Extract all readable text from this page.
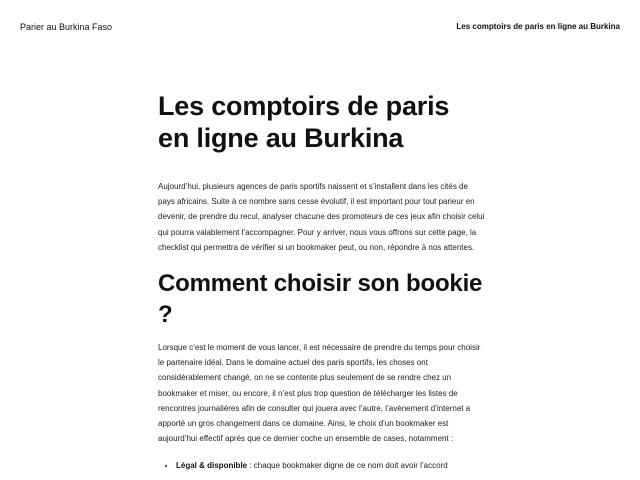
Parier au Burkina Faso	Les comptoirs de paris en ligne au Burkina
Les comptoirs de paris en ligne au Burkina

Aujourd’hui, plusieurs agences de paris sportifs naissent et s’installent dans les cités de pays africains. Suite à ce nombre sans cesse évolutif, il est important pour tout parieur en devenir, de prendre du recul, analyser chacune des promoteurs de ces jeux afin choisir celui qui pourra valablement l’accompagner. Pour y arriver, nous vous offrons sur cette page, la checklist qui permettra de vérifier si un bookmaker peut, ou non, répondre à nos attentes.

Comment choisir son bookie ?

Lorsque c’est le moment de vous lancer, il est nécessaire de prendre du temps pour choisir le partenaire idéal. Dans le domaine actuel des paris sportifs, les choses ont considérablement changé, on ne se contente plus seulement de se rendre chez un bookmaker et miser, ou encore, il n’est plus trop question de télécharger les listes de rencontres journalières afin de consulter qui jouera avec l’autre, l’avènement d’internet a apporté un gros changement dans ce domaine. Ainsi, le choix d’un bookmaker est aujourd’hui effectif après que ce dernier coche un ensemble de cases, notamment :

• Légal & disponible : chaque bookmaker digne de ce nom doit avoir l’accord
